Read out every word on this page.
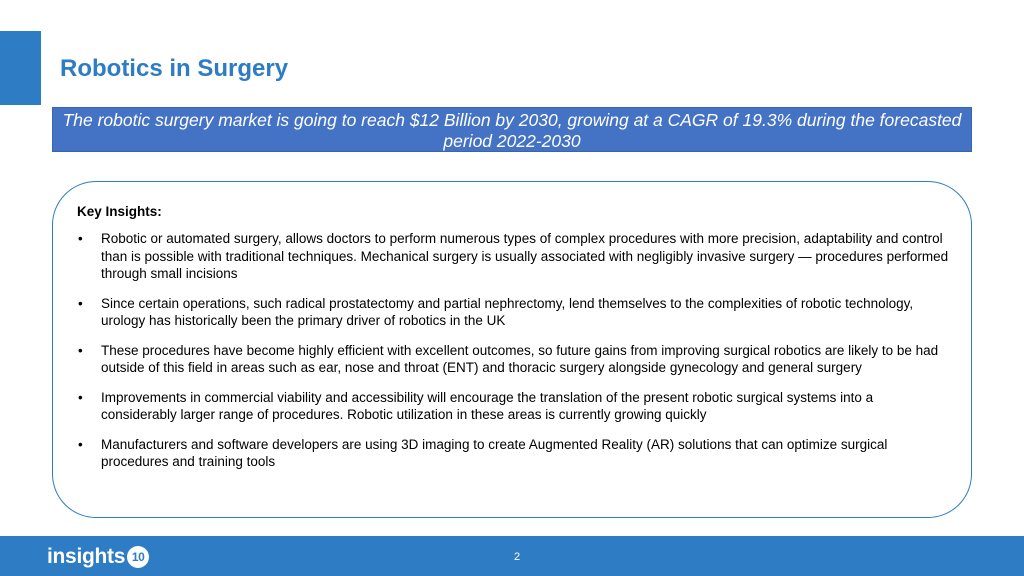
Robotics in Surgery
The robotic surgery market is going to reach $12 Billion by 2030, growing at a CAGR of 19.3% during the forecasted period 2022-2030
Key Insights:
• Robotic or automated surgery, allows doctors to perform numerous types of complex procedures with more precision, adaptability and control than is possible with traditional techniques. Mechanical surgery is usually associated with negligibly invasive surgery — procedures performed through small incisions
• Since certain operations, such radical prostatectomy and partial nephrectomy, lend themselves to the complexities of robotic technology, urology has historically been the primary driver of robotics in the UK
• These procedures have become highly efficient with excellent outcomes, so future gains from improving surgical robotics are likely to be had outside of this field in areas such as ear, nose and throat (ENT) and thoracic surgery alongside gynecology and general surgery
• Improvements in commercial viability and accessibility will encourage the translation of the present robotic surgical systems into a considerably larger range of procedures. Robotic utilization in these areas is currently growing quickly
• Manufacturers and software developers are using 3D imaging to create Augmented Reality (AR) solutions that can optimize surgical procedures and training tools
insights 10	2
